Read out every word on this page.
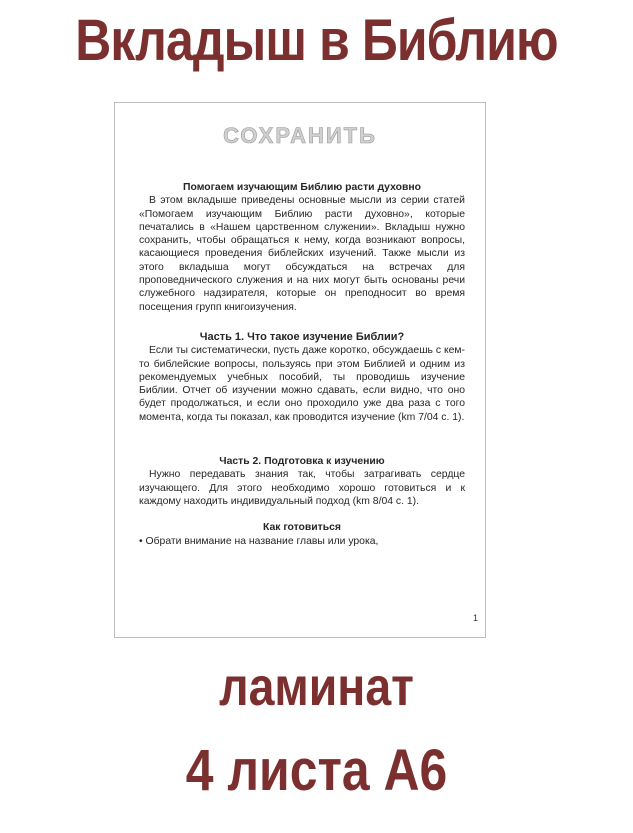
Вкладыш в Библию
СОХРАНИТЬ

Помогаем изучающим Библию расти духовно

В этом вкладыше приведены основные мысли из серии статей «Помогаем изучающим Библию расти духовно», которые печатались в «Нашем царственном служении». Вкладыш нужно сохранить, чтобы обращаться к нему, когда возникают вопросы, касающиеся проведения библейских изучений. Также мысли из этого вкладыша могут обсуждаться на встречах для проповеднического служения и на них могут быть основаны речи служебного надзирателя, которые он преподносит во время посещения групп книгоизучения.

Часть 1. Что такое изучение Библии?

Если ты систематически, пусть даже коротко, обсуждаешь с кем-то библейские вопросы, пользуясь при этом Библией и одним из рекомендуемых учебных пособий, ты проводишь изучение Библии. Отчет об изучении можно сдавать, если видно, что оно будет продолжаться, и если оно проходило уже два раза с того момента, когда ты показал, как проводится изучение (km 7/04 с. 1).

Часть 2. Подготовка к изучению

Нужно передавать знания так, чтобы затрагивать сердце изучающего. Для этого необходимо хорошо готовиться и к каждому находить индивидуальный подход (km 8/04 с. 1).

Как готовиться

• Обрати внимание на название главы или урока,

1
ламинат
4 листа А6
